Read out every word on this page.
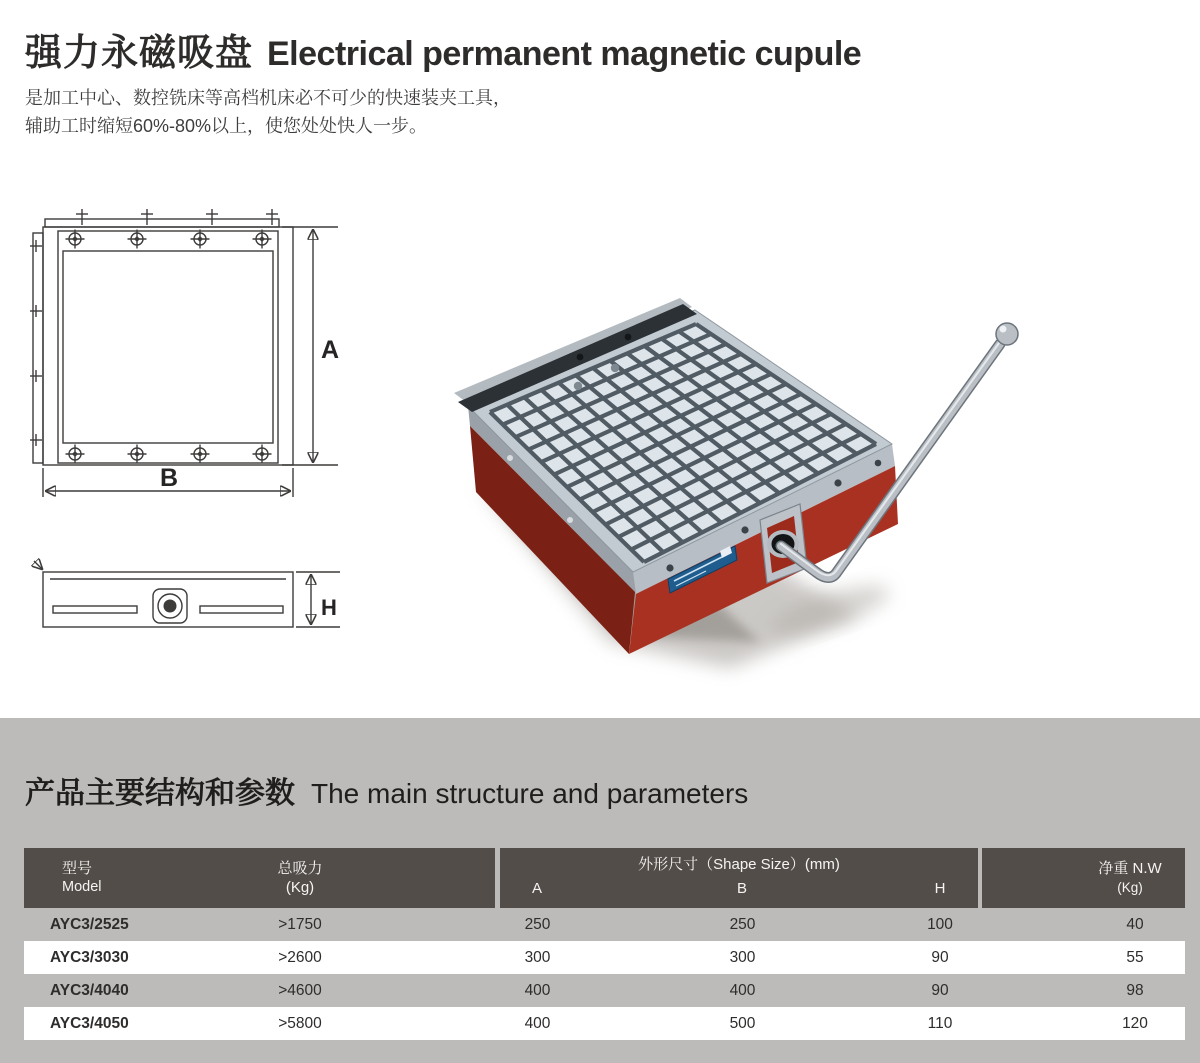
强力永磁吸盘 Electrical permanent magnetic cupule
是加工中心、数控铣床等高档机床必不可少的快速装夹工具，
辅助工时缩短60%-80%以上，使您处处快人一步。
A
B
H
产品主要结构和参数 The main structure and parameters
型号
Model
总吸力
(Kg)
外形尺寸（Shape Size）(mm)
A	B	H
净重 N.W
(Kg)
AYC3/2525	>1750	250	250	100	40
AYC3/3030	>2600	300	300	90	55
AYC3/4040	>4600	400	400	90	98
AYC3/4050	>5800	400	500	110	120
